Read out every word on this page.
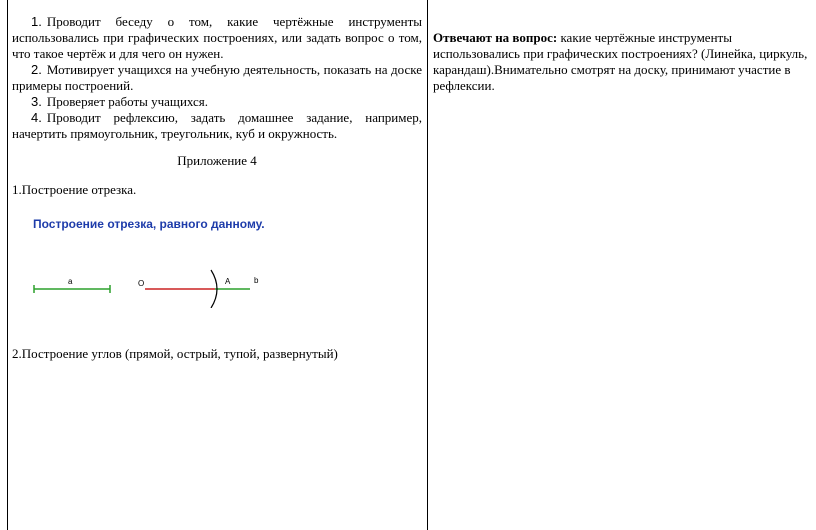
1. Проводит беседу о том, какие чертёжные инструменты использовались при графических построениях, или задать вопрос о том, что такое чертёж и для чего он нужен.

2. Мотивирует учащихся на учебную деятельность, показать на доске примеры построений.

3. Проверяет работы учащихся.

4. Проводит рефлексию, задать домашнее задание, например, начертить прямоугольник, треугольник, куб и окружность.

Приложение 4
1.Построение отрезка.
Построение отрезка, равного данному.
a	O	A	b
2.Построение углов (прямой, острый, тупой, развернутый)
Отвечают на вопрос: какие чертёжные инструменты использовались при графических построениях? (Линейка, циркуль, карандаш).Внимательно смотрят на доску, принимают участие в рефлексии.
